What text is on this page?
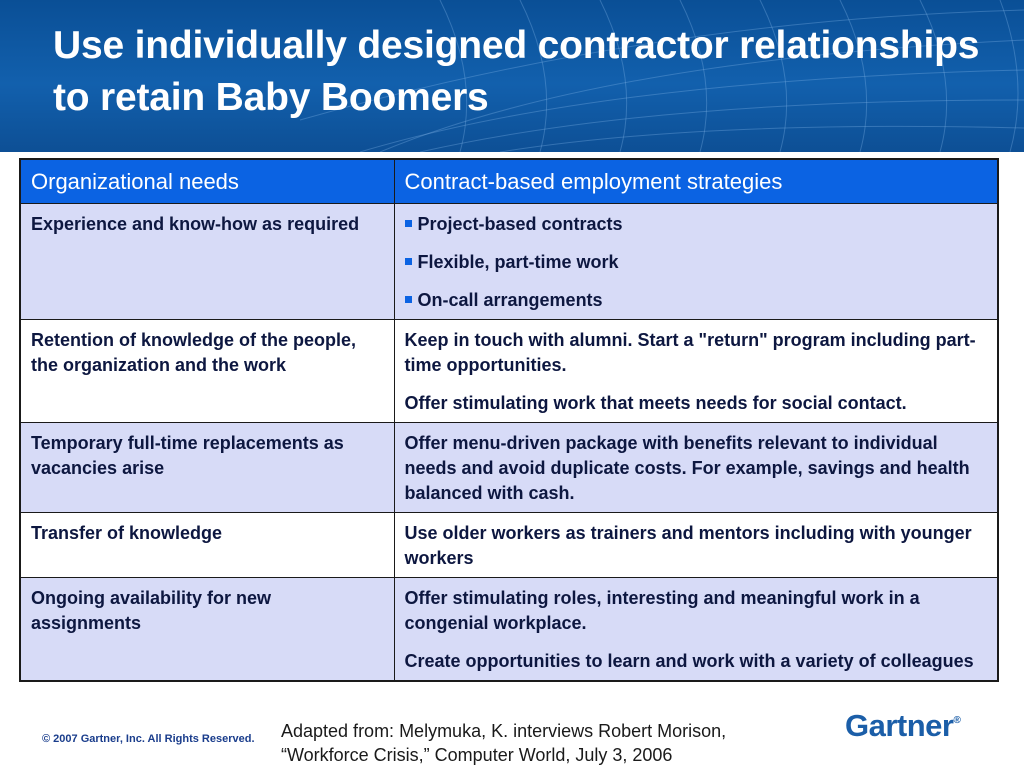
Use individually designed contractor relationships to retain Baby Boomers
Organizational needs	Contract-based employment strategies
Experience and know-how as required	Project-based contracts
Flexible, part-time work
On-call arrangements

Retention of knowledge of the people, the organization and the work	Keep in touch with alumni. Start a "return" program including part-time opportunities.

Offer stimulating work that meets needs for social contact.

Temporary full-time replacements as vacancies arise	Offer menu-driven package with benefits relevant to individual needs and avoid duplicate costs. For example, savings and health balanced with cash.

Transfer of knowledge	Use older workers as trainers and mentors including with younger workers

Ongoing availability for new assignments	Offer stimulating roles, interesting and meaningful work in a congenial workplace.

Create opportunities to learn and work with a variety of colleagues

© 2007 Gartner, Inc. All Rights Reserved. Adapted from: Melymuka, K. interviews Robert Morison,
“Workforce Crisis,” Computer World, July 3, 2006
Gartner®
